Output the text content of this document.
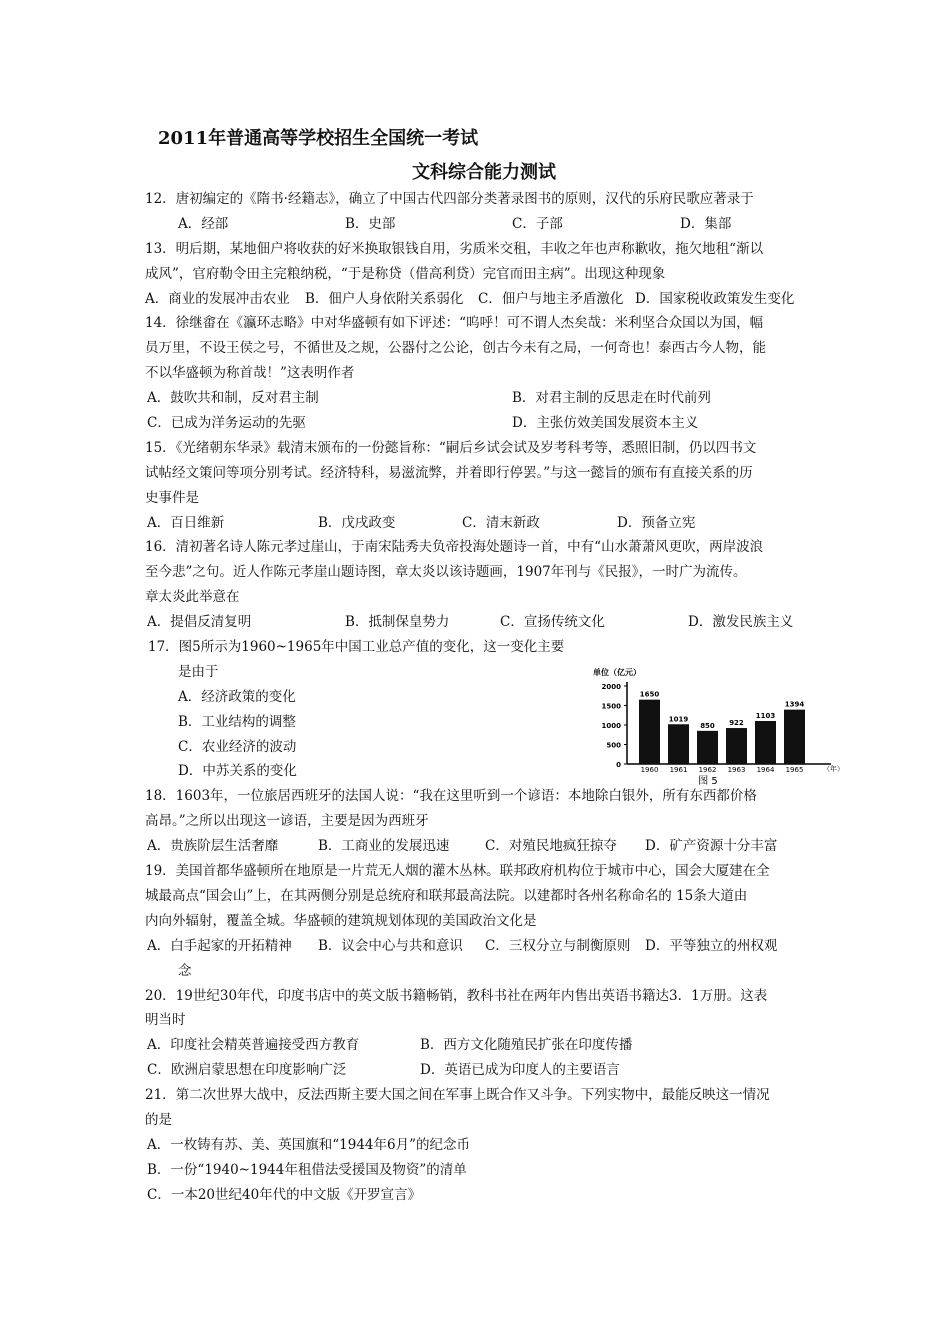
2011年普通高等学校招生全国统一考试
文科综合能力测试
12．唐初编定的《隋书·经籍志》，确立了中国古代四部分类著录图书的原则，汉代的乐府民歌应著录于
A．经部	B．史部	C．子部	D．集部
13．明后期，某地佃户将收获的好米换取银钱自用，劣质米交租，丰收之年也声称歉收，拖欠地租“渐以
成风”，官府勒令田主完粮纳税，“于是称贷（借高利贷）完官而田主病”。出现这种现象
A．商业的发展冲击农业 B．佃户人身依附关系弱化 C．佃户与地主矛盾激化 D．国家税收政策发生变化
14．徐继畬在《瀛环志略》中对华盛顿有如下评述：“呜呼！可不谓人杰矣哉：米利坚合众国以为国，幅
员万里，不设王侯之号，不循世及之规，公器付之公论，创古今未有之局，一何奇也！泰西古今人物，能
不以华盛顿为称首哉！”这表明作者
A．鼓吹共和制，反对君主制	B．对君主制的反思走在时代前列
C．已成为洋务运动的先驱	D．主张仿效美国发展资本主义
15．《光绪朝东华录》载清末颁布的一份懿旨称：“嗣后乡试会试及岁考科考等，悉照旧制，仍以四书文
试帖经文策问等项分别考试。经济特科，易滋流弊，并着即行停罢。”与这一懿旨的颁布有直接关系的历
史事件是
A．百日维新	B．戊戌政变	C．清末新政	D．预备立宪
16．清初著名诗人陈元孝过崖山，于南宋陆秀夫负帝投海处题诗一首，中有“山水萧萧风更吹，两岸波浪
至今悲”之句。近人作陈元孝崖山题诗图，章太炎以该诗题画，1907年刊与《民报》，一时广为流传。
章太炎此举意在
A．提倡反清复明	B．抵制保皇势力	C．宣扬传统文化	D．激发民族主义
17．图5所示为1960~1965年中国工业总产值的变化，这一变化主要
是由于
A．经济政策的变化
B．工业结构的调整
C．农业经济的波动
D．中苏关系的变化
18．1603年，一位旅居西班牙的法国人说：“我在这里听到一个谚语：本地除白银外，所有东西都价格
高昂。”之所以出现这一谚语，主要是因为西班牙
A．贵族阶层生活奢靡	B．工商业的发展迅速	C．对殖民地疯狂掠夺 D．矿产资源十分丰富
19．美国首都华盛顿所在地原是一片荒无人烟的灌木丛林。联邦政府机构位于城市中心，国会大厦建在全
城最高点“国会山”上，在其两侧分别是总统府和联邦最高法院。以建都时各州名称命名的 15条大道由
内向外辐射，覆盖全城。华盛顿的建筑规划体现的美国政治文化是
A．白手起家的开拓精神 B．议会中心与共和意识 C．三权分立与制衡原则 D．平等独立的州权观
念
20．19世纪30年代，印度书店中的英文版书籍畅销，教科书社在两年内售出英语书籍达3．1万册。这表
明当时
A．印度社会精英普遍接受西方教育	B．西方文化随殖民扩张在印度传播
C．欧洲启蒙思想在印度影响广泛	D．英语已成为印度人的主要语言
21．第二次世界大战中，反法西斯主要大国之间在军事上既合作又斗争。下列实物中，最能反映这一情况
的是
A．一枚铸有苏、美、英国旗和“1944年6月”的纪念币
B．一份“1940~1944年租借法受援国及物资”的清单
C．一本20世纪40年代的中文版《开罗宣言》
单位（亿元）
0
500
1000
1500
2000
1650
1960
1019
1961
850
1962
922
1963
1103
1964
1394
1965	（年）
图 5
